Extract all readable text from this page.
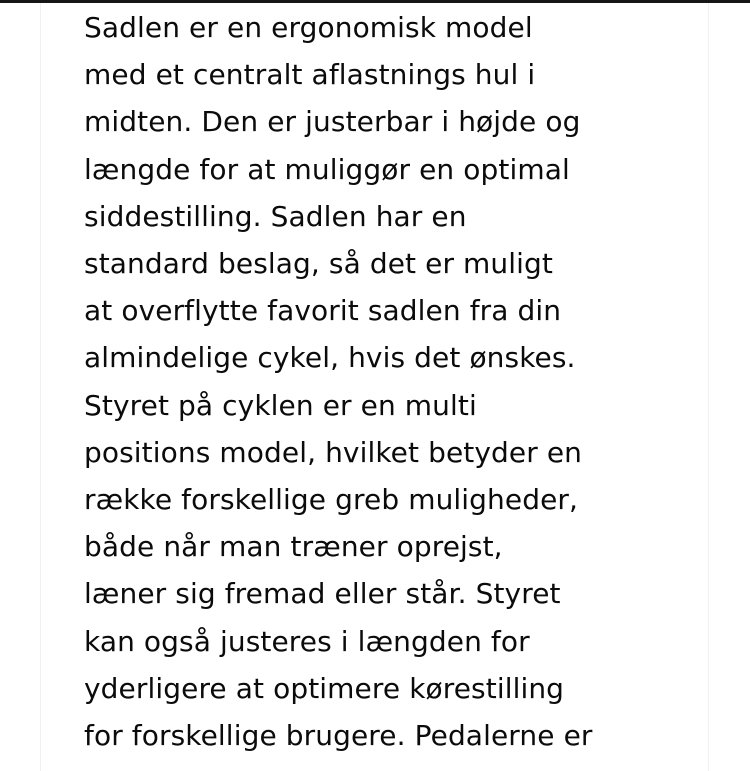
Sadlen er en ergonomisk model
med et centralt aflastnings hul i
midten. Den er justerbar i højde og
længde for at muliggør en optimal
siddestilling. Sadlen har en
standard beslag, så det er muligt
at overflytte favorit sadlen fra din
almindelige cykel, hvis det ønskes.
Styret på cyklen er en multi
positions model, hvilket betyder en
række forskellige greb muligheder,
både når man træner oprejst,
læner sig fremad eller står. Styret
kan også justeres i længden for
yderligere at optimere kørestilling
for forskellige brugere. Pedalerne er
